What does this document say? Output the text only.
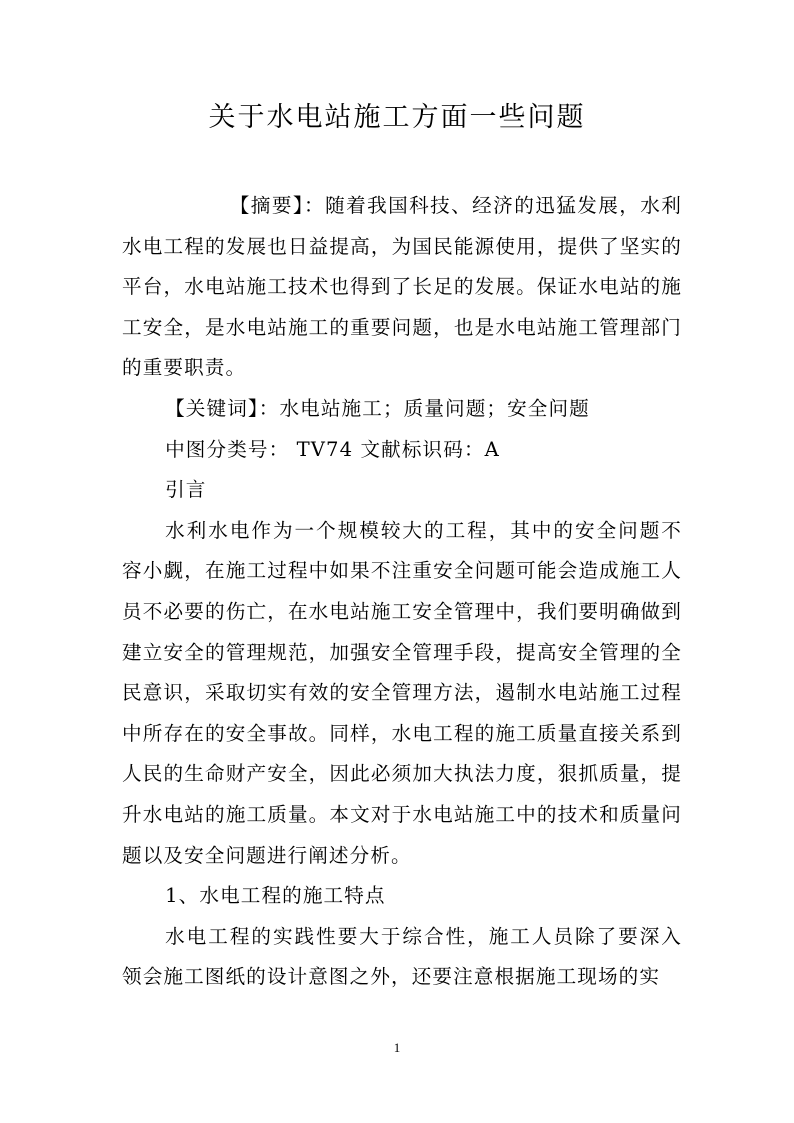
关于水电站施工方面一些问题

【摘要】：随着我国科技、经济的迅猛发展，水利水电工程的发展也日益提高，为国民能源使用，提供了坚实的平台，水电站施工技术也得到了长足的发展。保证水电站的施工安全，是水电站施工的重要问题，也是水电站施工管理部门的重要职责。

【关键词】：水电站施工；质量问题；安全问题

中图分类号： TV74 文献标识码：A

引言

水利水电作为一个规模较大的工程，其中的安全问题不容小觑，在施工过程中如果不注重安全问题可能会造成施工人员不必要的伤亡，在水电站施工安全管理中，我们要明确做到建立安全的管理规范，加强安全管理手段，提高安全管理的全民意识，采取切实有效的安全管理方法，遏制水电站施工过程中所存在的安全事故。同样，水电工程的施工质量直接关系到人民的生命财产安全，因此必须加大执法力度，狠抓质量，提升水电站的施工质量。本文对于水电站施工中的技术和质量问题以及安全问题进行阐述分析。

1、水电工程的施工特点

水电工程的实践性要大于综合性，施工人员除了要深入领会施工图纸的设计意图之外，还要注意根据施工现场的实

1
